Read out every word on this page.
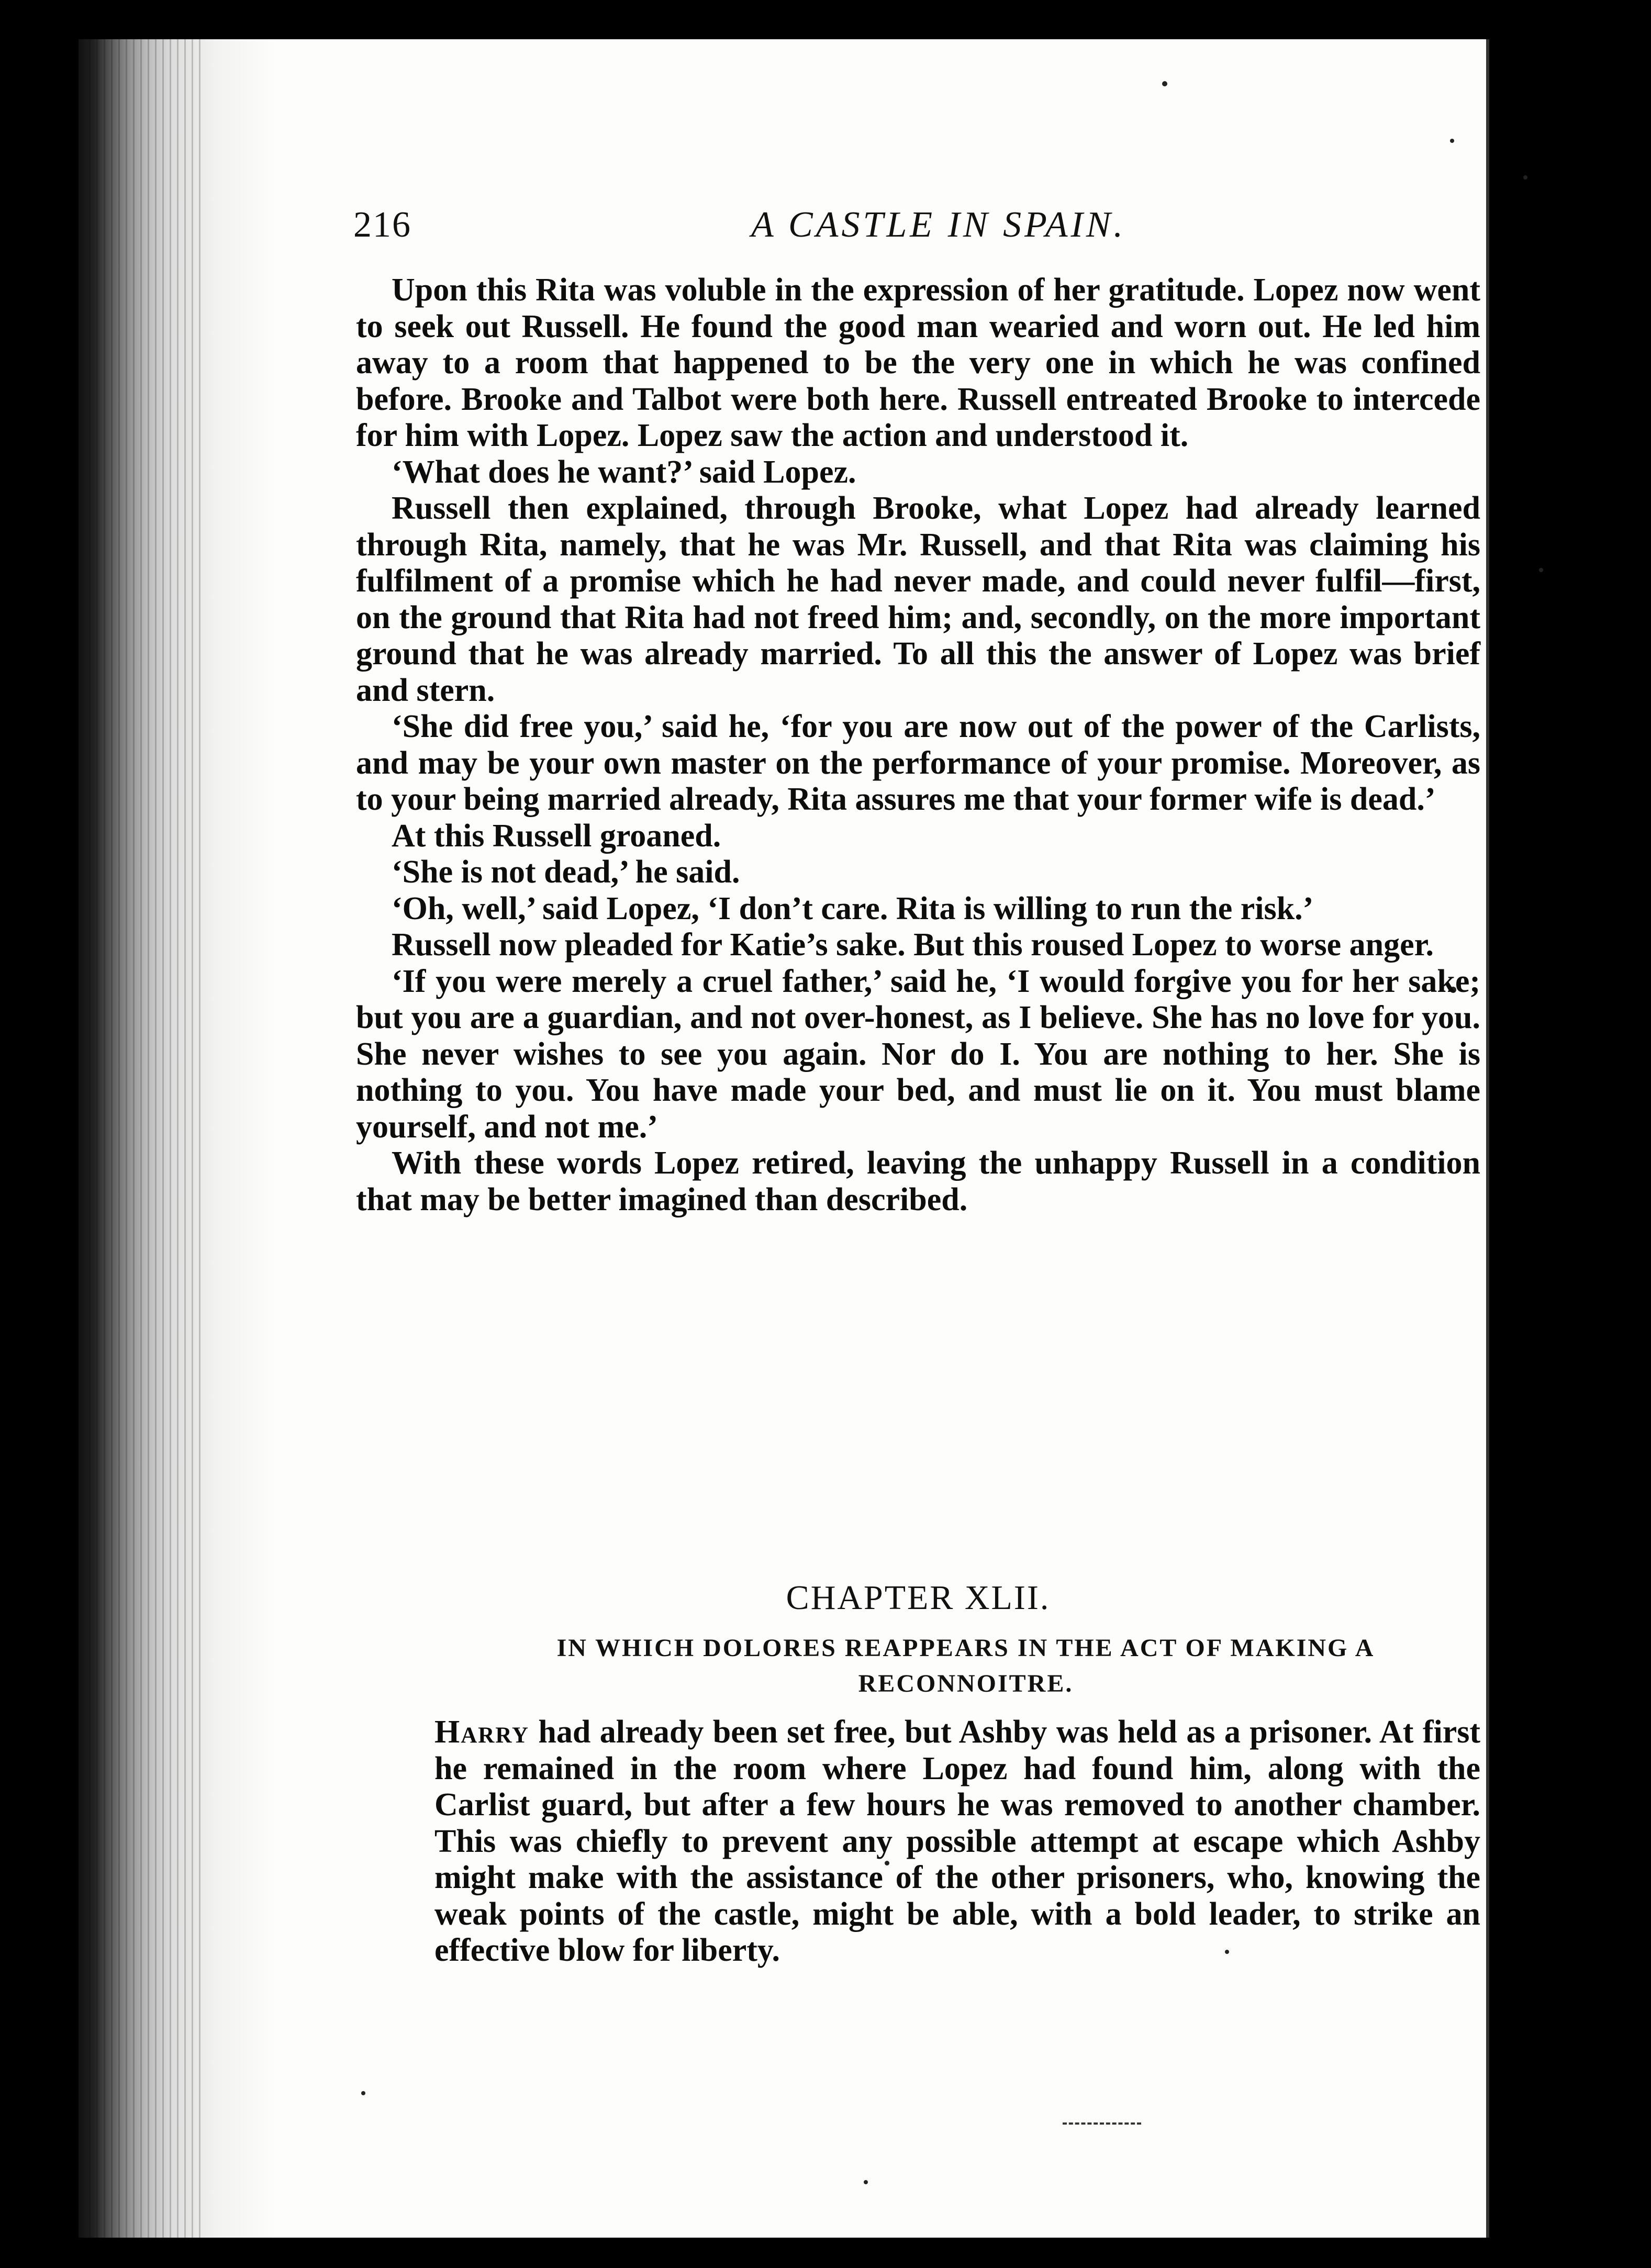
216	A CASTLE IN SPAIN.

Upon this Rita was voluble in the expression of her gratitude. Lopez now went to seek out Russell. He found the good man wearied and worn out. He led him away to a room that happened to be the very one in which he was confined before. Brooke and Talbot were both here. Russell entreated Brooke to intercede for him with Lopez. Lopez saw the action and understood it.

‘What does he want?’ said Lopez.

Russell then explained, through Brooke, what Lopez had already learned through Rita, namely, that he was Mr. Russell, and that Rita was claiming his fulfilment of a promise which he had never made, and could never fulfil—first, on the ground that Rita had not freed him; and, secondly, on the more important ground that he was already married. To all this the answer of Lopez was brief and stern.

‘She did free you,’ said he, ‘for you are now out of the power of the Carlists, and may be your own master on the performance of your promise. Moreover, as to your being married already, Rita assures me that your former wife is dead.’

At this Russell groaned.

‘She is not dead,’ he said.

‘Oh, well,’ said Lopez, ‘I don’t care. Rita is willing to run the risk.’

Russell now pleaded for Katie’s sake. But this roused Lopez to worse anger.

‘If you were merely a cruel father,’ said he, ‘I would forgive you for her sake; but you are a guardian, and not over-honest, as I believe. She has no love for you. She never wishes to see you again. Nor do I. You are nothing to her. She is nothing to you. You have made your bed, and must lie on it. You must blame yourself, and not me.’

With these words Lopez retired, leaving the unhappy Russell in a condition that may be better imagined than described.

CHAPTER XLII.
IN WHICH DOLORES REAPPEARS IN THE ACT OF MAKING A RECONNOITRE.

Harry had already been set free, but Ashby was held as a prisoner. At first he remained in the room where Lopez had found him, along with the Carlist guard, but after a few hours he was removed to another chamber. This was chiefly to prevent any possible attempt at escape which Ashby might make with the assistance of the other prisoners, who, knowing the weak points of the castle, might be able, with a bold leader, to strike an effective blow for liberty.
